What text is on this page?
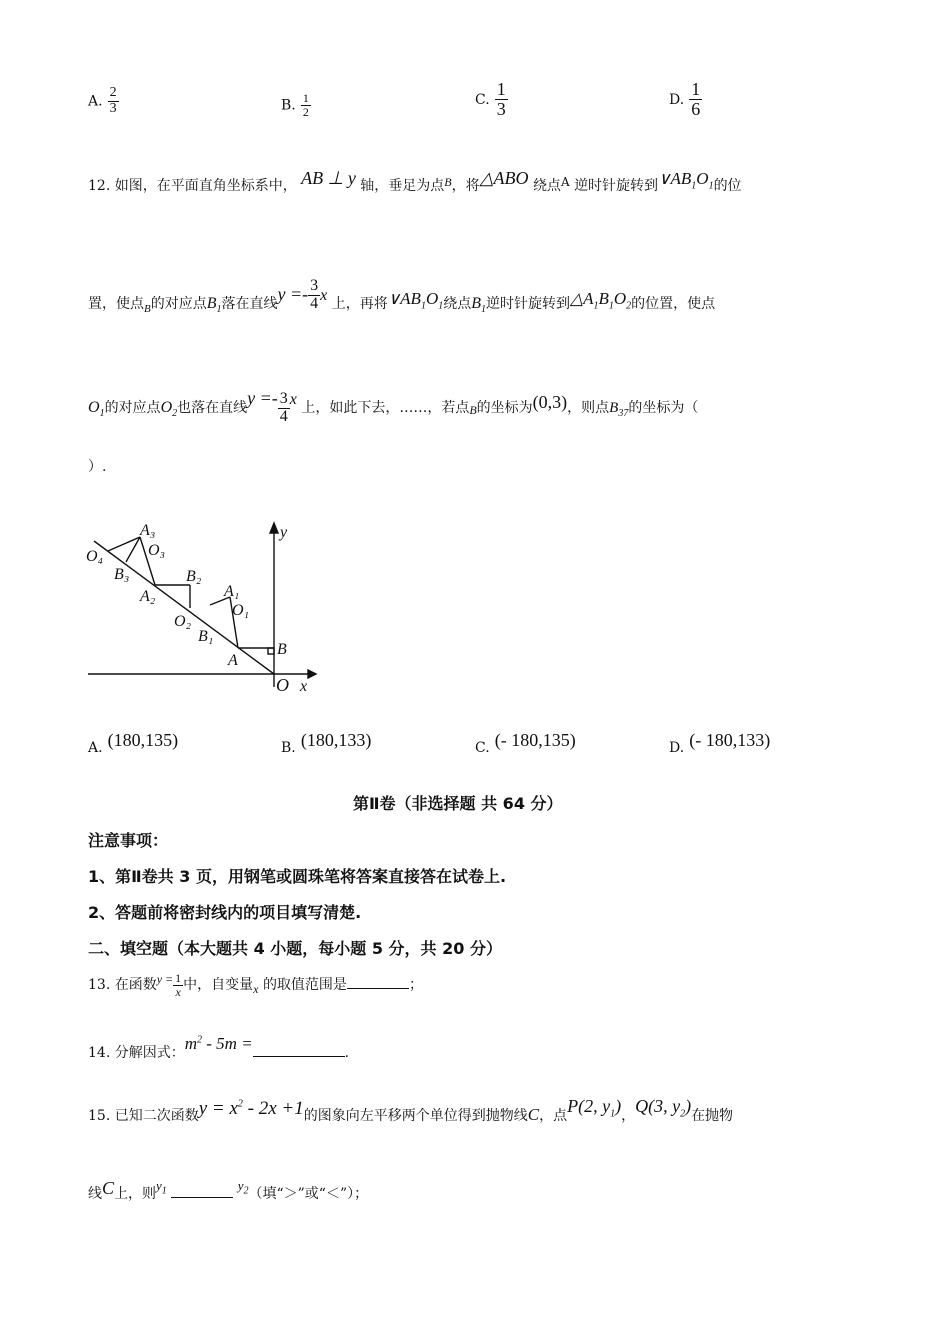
A. $\frac{2}{3}$	B. $\frac{1}{2}$	C. $\frac{1}{3}$	D. $\frac{1}{6}$
12. 如图，在平面直角坐标系中， AB ⊥ y 轴，垂足为点B，将△ABO 绕点A 逆时针旋转到$\vee AB_1O_1$的位
置，使点$_B$的对应点$B_1$落在直线$y =- \frac{3}{4}$ x 上，再将$\vee AB_1O_1$绕点$B_1$逆时针旋转到$\triangle A_1B_1O_2$的位置，使点
$O_1$的对应点$O_2$也落在直线$y =- \frac{3}{4}$ x 上，如此下去，……，若点B的坐标为(0,3)，则点$B_{37}$的坐标为（
）.
A₃
O₃
O₄
B₃	B₂
A₂	A₁
O₁
O₂
B₁
A
B
O x
y
A. (180,135)	B. (180,133)	C. (- 180,135)	D. (- 180,133)
第Ⅱ卷（非选择题 共 64 分）
注意事项：
1、第Ⅱ卷共 3 页，用钢笔或圆珠笔将答案直接答在试卷上.
2、答题前将密封线内的项目填写清楚.
二、填空题（本大题共 4 小题，每小题 5 分，共 20 分）
13. 在函数$y = \frac{1}{x}$ 中，自变量x 的取值范围是	；
14. 分解因式：$m^2 - 5m$ =	.
15. 已知二次函数$y = x^2 - 2x +1$的图象向左平移两个单位得到抛物线C，点P(2, $y_1$)，Q(3, $y_2$)在抛物
线C上，则$y_1$	$y_2$（填“＞”或“＜”）；
